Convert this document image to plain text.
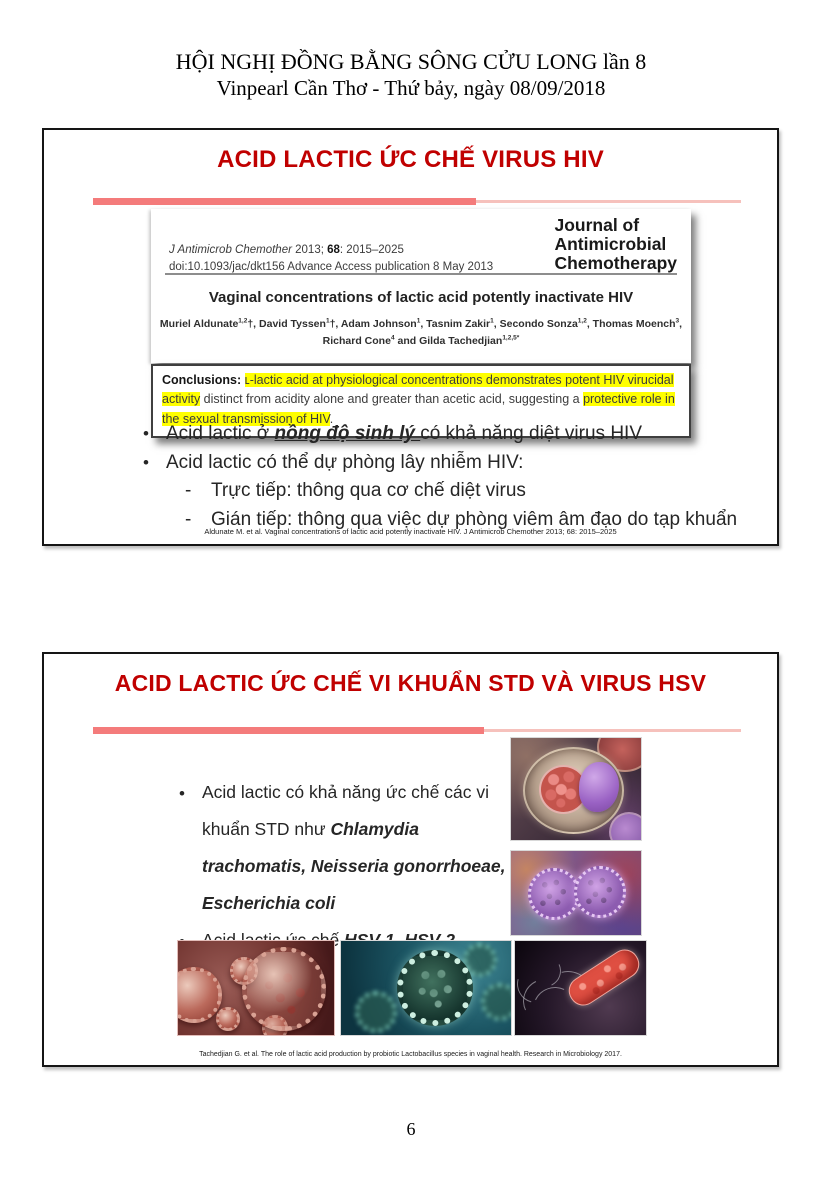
HỘI NGHỊ ĐỒNG BẰNG SÔNG CỬU LONG lần 8
Vinpearl Cần Thơ - Thứ bảy, ngày 08/09/2018
ACID LACTIC ỨC CHẾ VIRUS HIV
J Antimicrob Chemother 2013; 68: 2015–2025
doi:10.1093/jac/dkt156 Advance Access publication 8 May 2013
Journal of
Antimicrobial
Chemotherapy
Vaginal concentrations of lactic acid potently inactivate HIV
Muriel Aldunate$^{1,2}$†, David Tyssen$^1$†, Adam Johnson$^1$, Tasnim Zakir$^1$, Secondo Sonza$^{1,2}$, Thomas Moench$^3$,
Richard Cone$^4$ and Gilda Tachedjian$^{1,2,5*}$
Conclusions: ʟ-lactic acid at physiological concentrations demonstrates potent HIV virucidal activity distinct from acidity alone and greater than acetic acid, suggesting a protective role in the sexual transmission of HIV.
• Acid lactic ở nồng độ sinh lý có khả năng diệt virus HIV
• Acid lactic có thể dự phòng lây nhiễm HIV:
- Trực tiếp: thông qua cơ chế diệt virus
- Gián tiếp: thông qua việc dự phòng viêm âm đạo do tạp khuẩn
Aldunate M. et al. Vaginal concentrations of lactic acid potently inactivate HIV. J Antimicrob Chemother 2013; 68: 2015–2025
ACID LACTIC ỨC CHẾ VI KHUẨN STD VÀ VIRUS HSV
• Acid lactic có khả năng ức chế các vi khuẩn STD như Chlamydia trachomatis, Neisseria gonorrhoeae, Escherichia coli
Tachedjian G. et al. The role of lactic acid production by probiotic Lactobacillus species in vaginal health. Research in Microbiology 2017.
6
